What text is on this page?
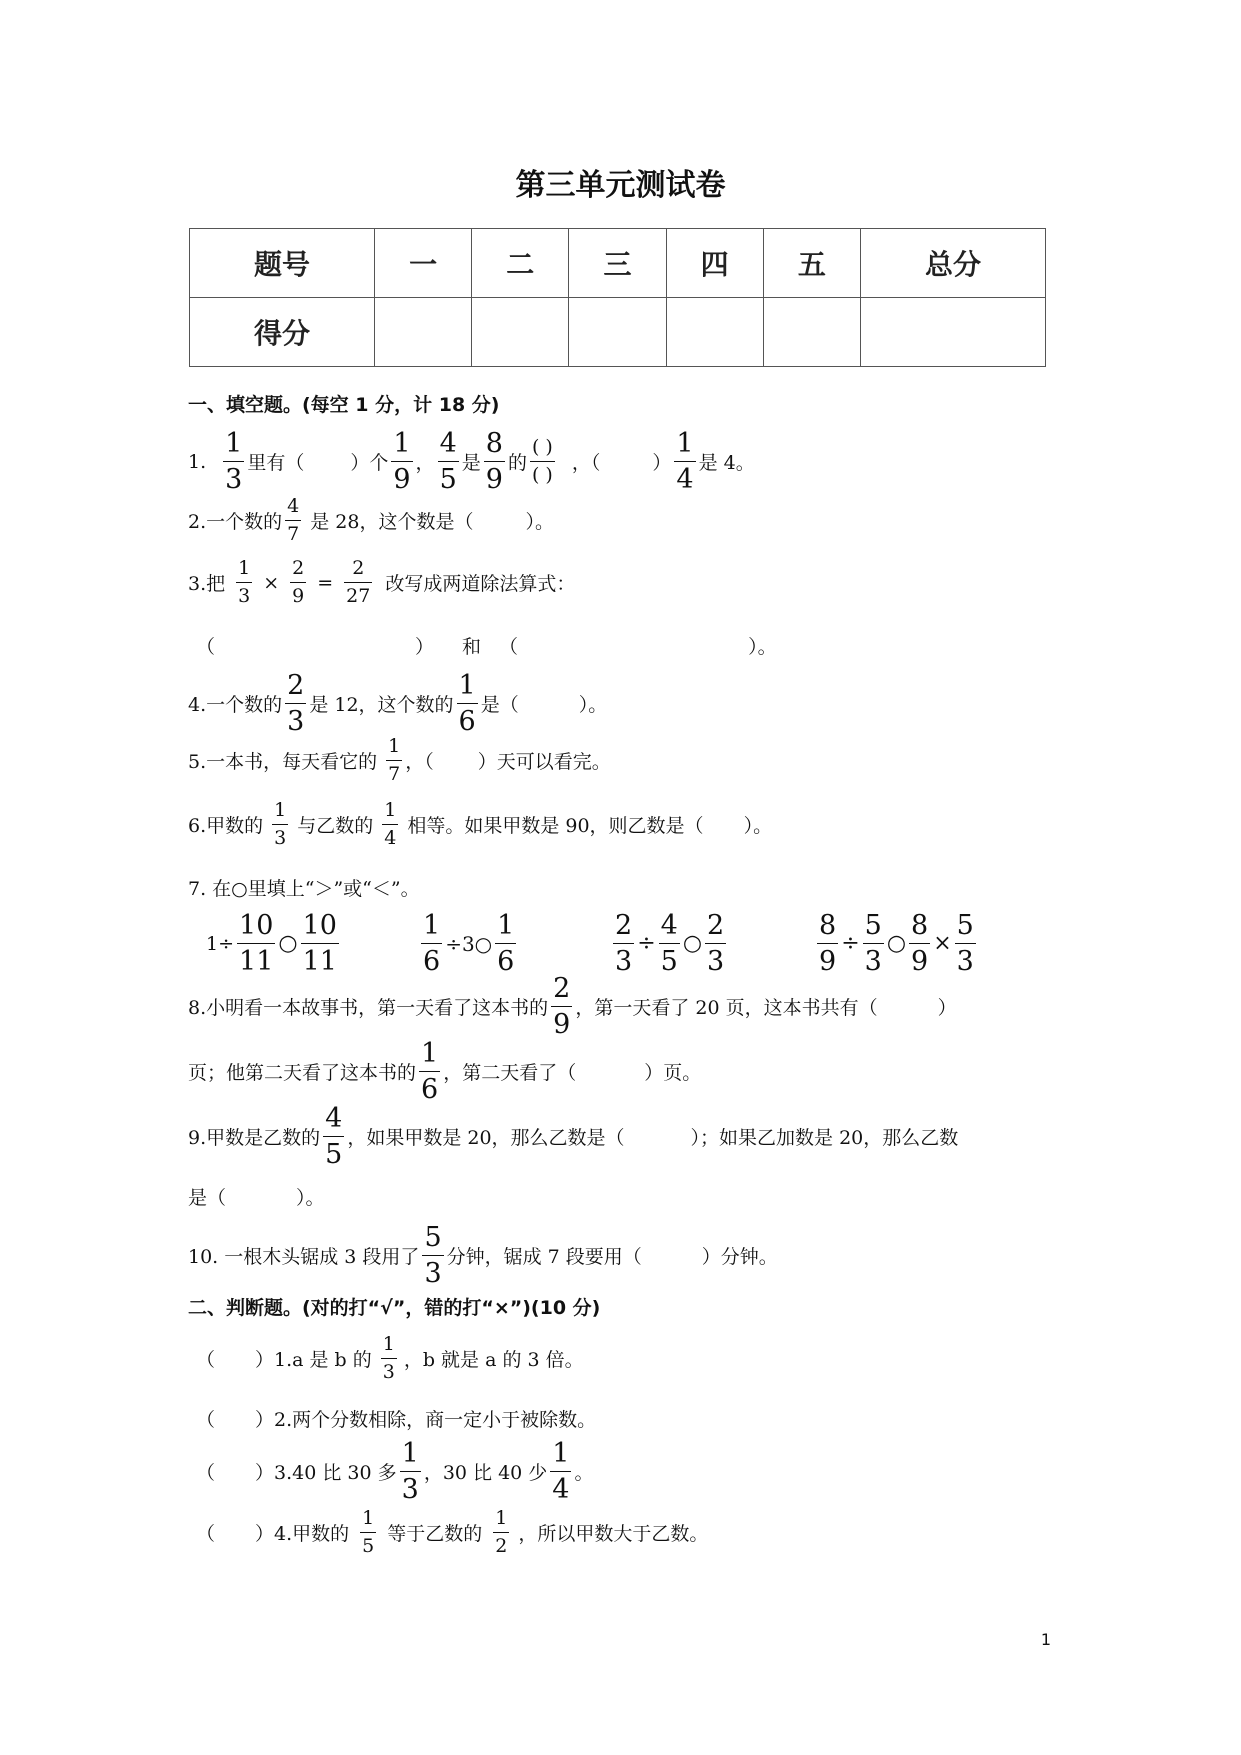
第三单元测试卷
题号	一	二	三	四	五	总分
得分						
一、填空题。(每空 1 分，计 18 分)
1. $\frac{1}{3}$ 里有（ ）个 $\frac{1}{9}$ ， $\frac{4}{5}$ 是 $\frac{8}{9}$ 的 $\frac{( )}{( )}$ ，（	） $\frac{1}{4}$ 是 4。
2.一个数的 $\frac{4}{7}$ 是 28，这个数是（	）。
3.把 $\frac{1}{3} \times \frac{2}{9} = \frac{2}{27}$ 改写成两道除法算式：
（	） 和 （	）。
4.一个数的 $\frac{2}{3}$ 是 12，这个数的 $\frac{1}{6}$ 是（	）。
5.一本书，每天看它的 $\frac{1}{7}$ ，（ ）天可以看完。
6.甲数的 $\frac{1}{3}$ 与乙数的 $\frac{1}{4}$ 相等。如果甲数是 90，则乙数是（ ）。
7. 在○里填上“＞”或“＜”。
$1\div \frac{10}{11}$ ○ $\frac{10}{11}$	$\frac{1}{6}$ ÷3○ $\frac{1}{6}$	$\frac{2}{3} \div \frac{4}{5}$ ○ $\frac{2}{3}$	$\frac{8}{9} \div \frac{5}{3}$ ○ $\frac{8}{9} \times \frac{5}{3}$
8.小明看一本故事书，第一天看了这本书的 $\frac{2}{9}$ ，第一天看了 20 页，这本书共有（	）
页；他第二天看了这本书的 $\frac{1}{6}$ ，第二天看了（	）页。
9.甲数是乙数的 $\frac{4}{5}$ ，如果甲数是 20，那么乙数是（	）；如果乙加数是 20，那么乙数
是（	）。
10. 一根木头锯成 3 段用了 $\frac{5}{3}$ 分钟，锯成 7 段要用（	）分钟。
二、判断题。(对的打“√”，错的打“×”)(10 分)
（ ）1.a 是 b 的 $\frac{1}{3}$ ，b 就是 a 的 3 倍。
（ ）2.两个分数相除，商一定小于被除数。
（ ）3.40 比 30 多 $\frac{1}{3}$ ，30 比 40 少 $\frac{1}{4}$ 。
（ ）4.甲数的 $\frac{1}{5}$ 等于乙数的 $\frac{1}{2}$ ，所以甲数大于乙数。
1
